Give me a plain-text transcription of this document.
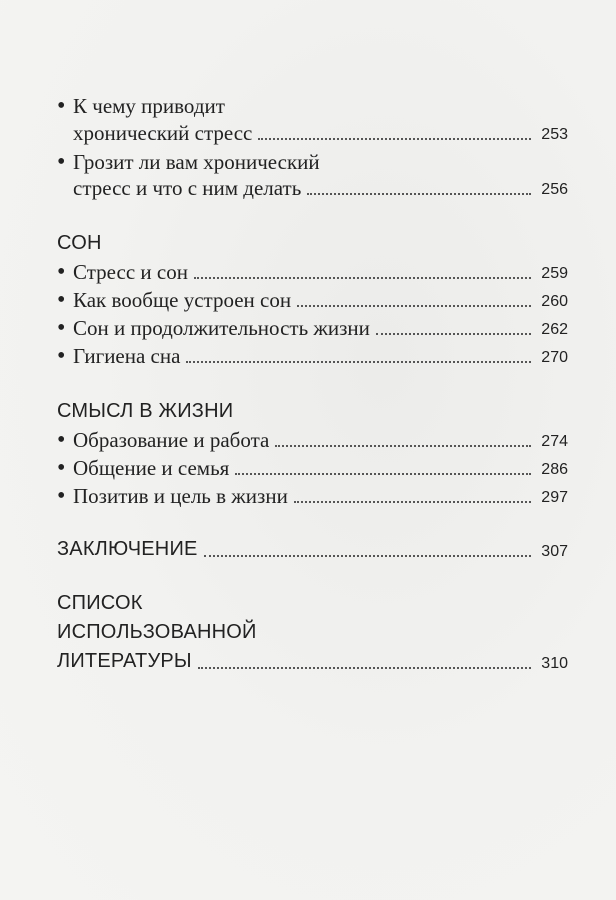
• К чему приводит
хронический стресс	253
• Грозит ли вам хронический
стресс и что с ним делать	256
СОН
• Стресс и сон	259
• Как вообще устроен сон	260
• Сон и продолжительность жизни	262
• Гигиена сна	270
СМЫСЛ В ЖИЗНИ
• Образование и работа	274
• Общение и семья	286
• Позитив и цель в жизни	297
ЗАКЛЮЧЕНИЕ	307
СПИСОК
ИСПОЛЬЗОВАННОЙ
ЛИТЕРАТУРЫ	310
